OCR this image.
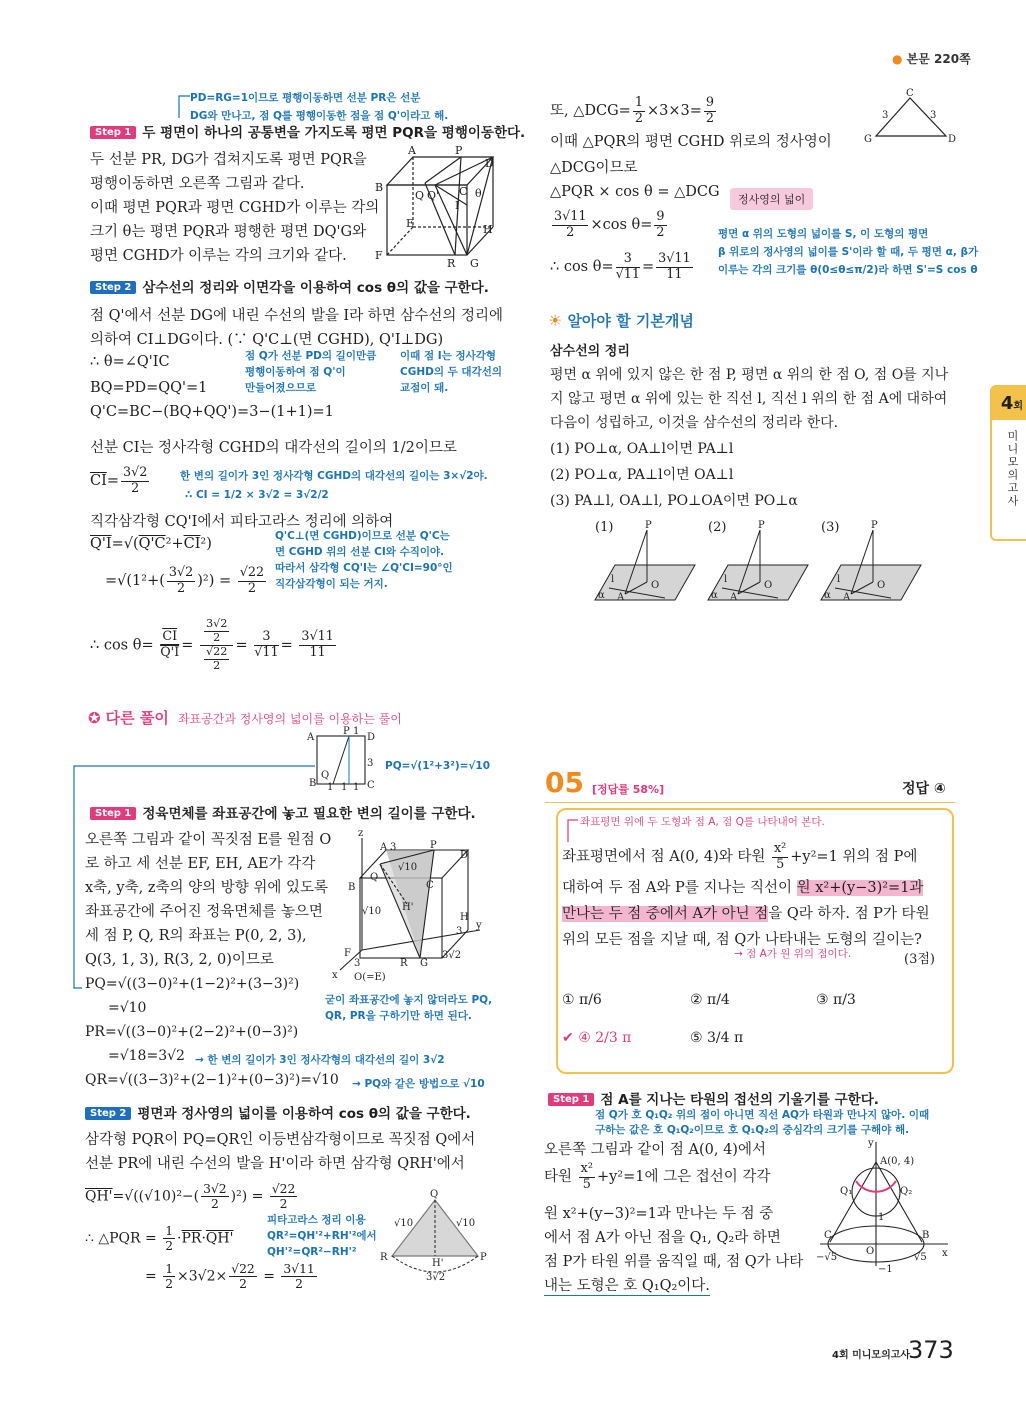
● 본문 220쪽
4회
미니모의고사
PD=RG=1이므로 평행이동하면 선분 PR은 선분
DG와 만나고, 점 Q를 평행이동한 점을 점 Q'이라고 해.
Step 1 두 평면이 하나의 공통변을 가지도록 평면 PQR을 평행이동한다.
두 선분 PR, DG가 겹쳐지도록 평면 PQR을
평행이동하면 오른쪽 그림과 같다.
이때 평면 PQR과 평면 CGHD가 이루는 각의
크기 θ는 평면 PQR과 평행한 평면 DQ'G와
평면 CGHD가 이루는 각의 크기와 같다.
A	P
D
B
Q Q' C θ
E	H
F
R G
I
Step 2 삼수선의 정리와 이면각을 이용하여 cos θ의 값을 구한다.
점 Q'에서 선분 DG에 내린 수선의 발을 I라 하면 삼수선의 정리에
의하여 CI⊥DG이다. (∵ Q'C⊥(면 CGHD), Q'I⊥DG)
∴ θ=∠Q'IC
BQ=PD=QQ'=1
Q'C=BC−(BQ+QQ')=3−(1+1)=1
점 Q가 선분 PD의 길이만큼
평행이동하여 점 Q'이
만들어졌으므로
이때 점 I는 정사각형
CGHD의 두 대각선의
교점이 돼.
선분 CI는 정사각형 CGHD의 대각선의 길이의 1/2이므로
$\overline{CI}= \frac{3√2}{2}$	한 변의 길이가 3인 정사각형 CGHD의 대각선의 길이는 3×√2야.
∴ CI = 1/2 × 3√2 = 3√2/2
직각삼각형 CQ'I에서 피타고라스 정리에 의하여
$Q'I=√(Q'C^2+\overline{CI}^2)$
$=√(1^2+( \frac{3√2}{2} )^2) = \frac{√22}{2}$
Q'C⊥(면 CGHD)이므로 선분 Q'C는
면 CGHD 위의 선분 CI와 수직이야.
따라서 삼각형 CQ'I는 ∠Q'CI=90°인
직각삼각형이 되는 거지.
∴ $\cos \theta= \frac{\overline{CI}}{Q'I} = \frac{\frac{3√2}{2}}{\frac{√22}{2}} = \frac{3}{√11} = \frac{3√11}{11}$
✪ 다른 풀이 좌표공간과 정사영의 넓이를 이용하는 풀이
A
P 1
D
3
B
Q
1 1 1 C
PQ=√(1²+3²)=√10
Step 1 정육면체를 좌표공간에 놓고 필요한 변의 길이를 구한다.
오른쪽 그림과 같이 꼭짓점 E를 원점 O
로 하고 세 선분 EF, EH, AE가 각각
x축, y축, z축의 양의 방향 위에 있도록
좌표공간에 주어진 정육면체를 놓으면
세 점 P, Q, R의 좌표는 P(0, 2, 3),
Q(3, 1, 3), R(3, 2, 0)이므로
z
A 3	P
D
B
Q
√10
√10 H'
C
H
3
y
F
3	R G
3√2
x O(=E)
PQ=√((3−0)²+(1−2)²+(3−3)²)
=√10
PR=√((3−0)²+(2−2)²+(0−3)²)
=√18=3√2
QR=√((3−3)²+(2−1)²+(0−3)²)=√10
굳이 좌표공간에 놓지 않더라도 PQ,
QR, PR을 구하기만 하면 된다.
→ 한 변의 길이가 3인 정사각형의 대각선의 길이 3√2
→ PQ와 같은 방법으로 √10
Step 2 평면과 정사영의 넓이를 이용하여 cos θ의 값을 구한다.
삼각형 PQR이 PQ=QR인 이등변삼각형이므로 꼭짓점 Q에서
선분 PR에 내린 수선의 발을 H'이라 하면 삼각형 QRH'에서
$QH'=√((√10)^2-( \frac{3√2}{2} )^2) = \frac{√22}{2}$
∴ △PQR = $\frac{1}{2} \cdot\overline{PR}\cdot QH'$
= $\frac{1}{2} \times 3√2\times \frac{√22}{2} = \frac{3√11}{2}$
피타고라스 정리 이용
QR²=QH'²+RH'²에서
QH'²=QR²−RH'²
Q
√10	√10
R
H'
P
3√2
또, △DCG= $\frac{1}{2} \times 3\times 3= \frac{9}{2}$
이때 △PQR의 평면 CGHD 위로의 정사영이
△DCG이므로
△PQR × cos θ = △DCG
$\frac{3√11}{2} \times\cos$ $\theta= \frac{9}{2}$
∴ $\cos \theta= \frac{3}{√11} = \frac{3√11}{11}$
C
3	3
G	D
정사영의 넓이
평면 α 위의 도형의 넓이를 S, 이 도형의 평면
β 위로의 정사영의 넓이를 S'이라 할 때, 두 평면 α, β가
이루는 각의 크기를 θ(0≤θ≤π/2)라 하면 S'=S cos θ
☀ 알아야 할 기본개념
삼수선의 정리
평면 α 위에 있지 않은 한 점 P, 평면 α 위의 한 점 O, 점 O를 지나
지 않고 평면 α 위에 있는 한 직선 l, 직선 l 위의 한 점 A에 대하여
다음이 성립하고, 이것을 삼수선의 정리라 한다.
(1) PO⊥α, OA⊥l이면 PA⊥l
(2) PO⊥α, PA⊥l이면 OA⊥l
(3) PA⊥l, OA⊥l, PO⊥OA이면 PO⊥α
(1)	(2)	(3)
P
O
A
l
α
P
O
A
l
α
P
O
A
l
α
05 [정답률 58%]	정답 ④
좌표평면 위에 두 도형과 점 A, 점 Q를 나타내어 본다.
좌표평면에서 점 A(0, 4)와 타원 $\frac{\text{x²}}{5} +y^2=1$ 위의 점 P에
대하여 두 점 A와 P를 지나는 직선이 원 x²+(y−3)²=1과
만나는 두 점 중에서 A가 아닌 점을 Q라 하자. 점 P가 타원
위의 모든 점을 지날 때, 점 Q가 나타내는 도형의 길이는?
→ 점 A가 원 위의 점이다.	(3점)
① π/6	② π/4	③ π/3
✔ ④ 2/3 π	⑤ 3/4 π
Step 1 점 A를 지나는 타원의 접선의 기울기를 구한다.
점 Q가 호 Q₁Q₂ 위의 점이 아니면 직선 AQ가 타원과 만나지 않아. 이때
구하는 값은 호 Q₁Q₂이므로 호 Q₁Q₂의 중심각의 크기를 구해야 해.
오른쪽 그림과 같이 점 A(0, 4)에서
타원 $\frac{\text{x²}}{5} +y^2=1$에 그은 접선이 각각
원 x²+(y−3)²=1과 만나는 두 점 중
에서 점 A가 아닌 점을 Q₁, Q₂라 하면
점 P가 타원 위를 움직일 때, 점 Q가 나타
내는 도형은 호 Q₁Q₂이다.
y
A(0, 4)
Q₁	Q₂
1
C	B
O	x
−√5	√5
−1
4회 미니모의고사
373
